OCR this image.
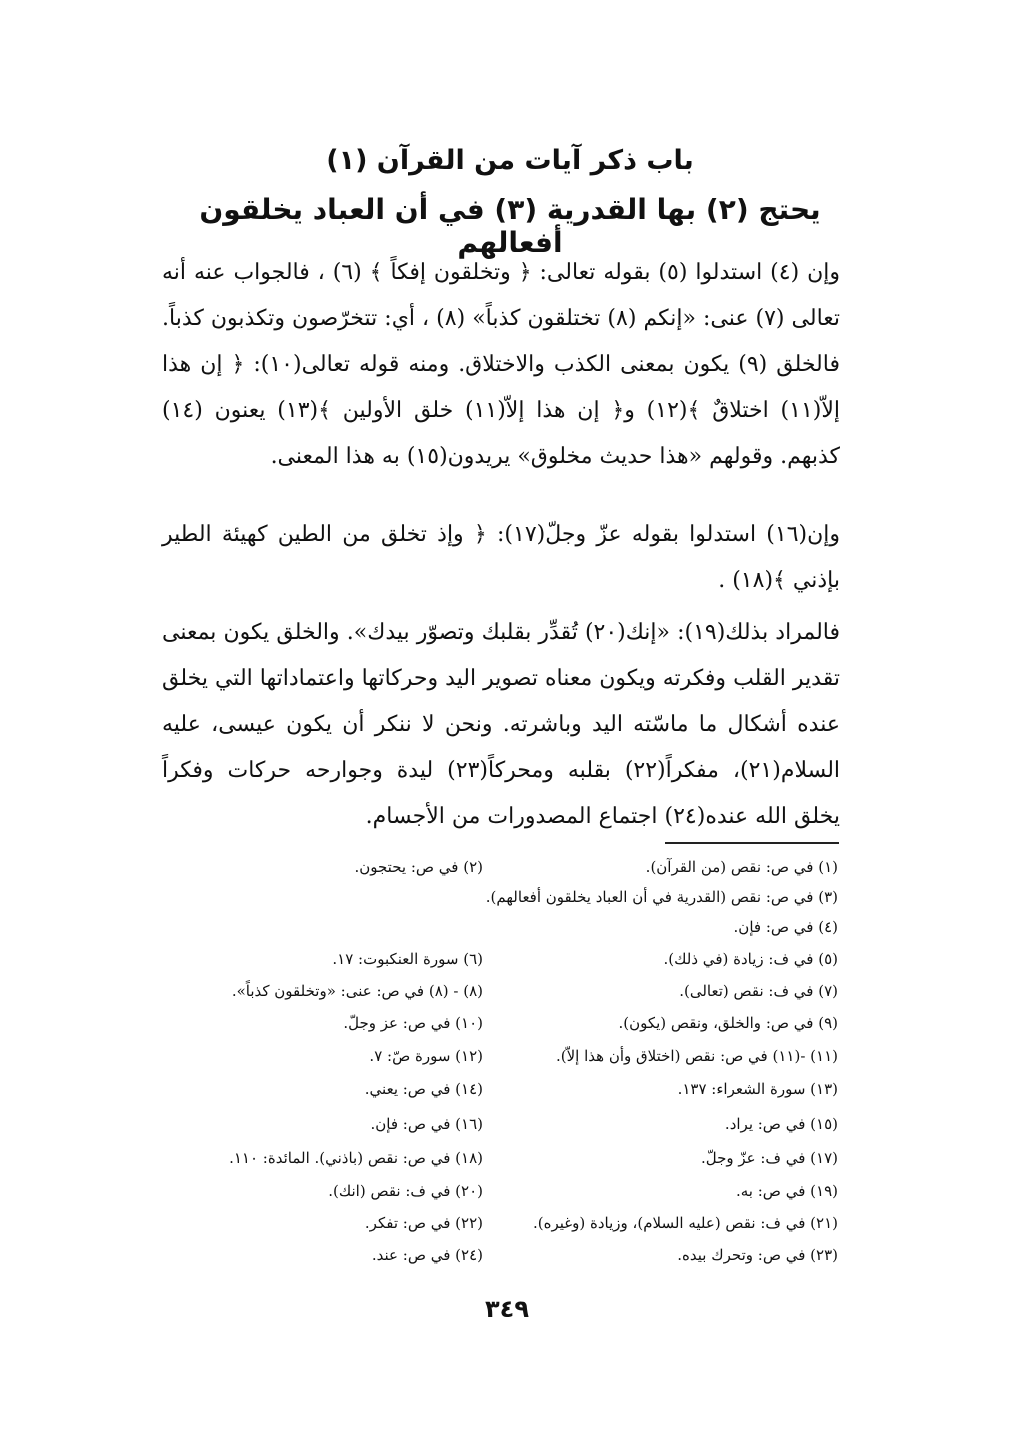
باب ذكر آيات من القرآن (١)
يحتج (٢) بها القدرية (٣) في أن العباد يخلقون أفعالهم
وإن (٤) استدلوا (٥) بقوله تعالى: ﴿ وتخلقون إفكاً ﴾ (٦) ، فالجواب عنه أنه تعالى (٧) عنى: «إنكم (٨) تختلقون كذباً» (٨) ، أي: تتخرّصون وتكذبون كذباً. فالخلق (٩) يكون بمعنى الكذب والاختلاق. ومنه قوله تعالى(١٠): ﴿ إن هذا إلاّ(١١) اختلاقٌ ﴾(١٢) و﴿ إن هذا إلاّ(١١) خلق الأولين ﴾(١٣) يعنون (١٤) كذبهم. وقولهم «هذا حديث مخلوق» يريدون(١٥) به هذا المعنى.
وإن(١٦) استدلوا بقوله عزّ وجلّ(١٧): ﴿ وإذ تخلق من الطين كهيئة الطير بإذني ﴾(١٨) .
فالمراد بذلك(١٩): «إنك(٢٠) تُقدِّر بقلبك وتصوّر بيدك». والخلق يكون بمعنى تقدير القلب وفكرته ويكون معناه تصوير اليد وحركاتها واعتماداتها التي يخلق عنده أشكال ما ماسّته اليد وباشرته. ونحن لا ننكر أن يكون عيسى، عليه السلام(٢١)، مفكراً(٢٢) بقلبه ومحركاً(٢٣) ليدة وجوارحه حركات وفكراً يخلق الله عنده(٢٤) اجتماع المصدورات من الأجسام.
(١) في ص: نقص (من القرآن).
(٢) في ص: يحتجون.
(٣) في ص: نقص (القدرية في أن العباد يخلقون أفعالهم).
(٤) في ص: فإن.
(٥) في ف: زيادة (في ذلك).
(٦) سورة العنكبوت: ١٧.
(٧) في ف: نقص (تعالى).
(٨) - (٨) في ص: عنى: «وتخلقون كذباً».
(٩) في ص: والخلق، ونقص (يكون).
(١٠) في ص: عز وجلّ.
(١١) -(١١) في ص: نقص (اختلاق وأن هذا إلاّ).
(١٢) سورة صّ: ٧.
(١٣) سورة الشعراء: ١٣٧.
(١٤) في ص: يعني.
(١٥) في ص: يراد.
(١٦) في ص: فإن.
(١٧) في ف: عزّ وجلّ.
(١٨) في ص: نقص (باذني). المائدة: ١١٠.
(١٩) في ص: به.
(٢٠) في ف: نقص (انك).
(٢١) في ف: نقص (عليه السلام)، وزيادة (وغيره).
(٢٢) في ص: تفكر.
(٢٣) في ص: وتحرك بيده.
(٢٤) في ص: عند.
٣٤٩
